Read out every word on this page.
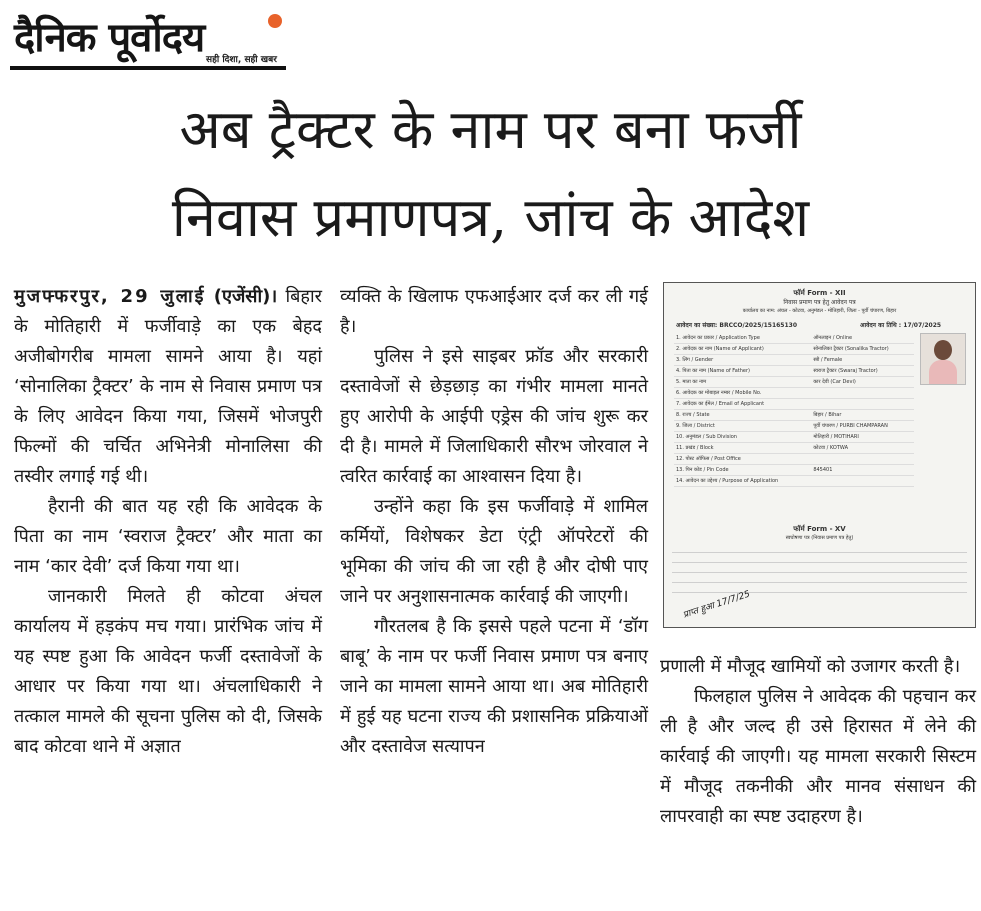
दैनिक पूर्वोदय सही दिशा, सही खबर
अब ट्रैक्टर के नाम पर बना फर्जी
निवास प्रमाणपत्र, जांच के आदेश

मुजफ्फरपुर, 29 जुलाई (एजेंसी)। बिहार के मोतिहारी में फर्जीवाड़े का एक बेहद अजीबोगरीब मामला सामने आया है। यहां ‘सोनालिका ट्रैक्टर’ के नाम से निवास प्रमाण पत्र के लिए आवेदन किया गया, जिसमें भोजपुरी फिल्मों की चर्चित अभिनेत्री मोनालिसा की तस्वीर लगाई गई थी।

हैरानी की बात यह रही कि आवेदक के पिता का नाम ‘स्वराज ट्रैक्टर’ और माता का नाम ‘कार देवी’ दर्ज किया गया था।

जानकारी मिलते ही कोटवा अंचल कार्यालय में हड़कंप मच गया। प्रारंभिक जांच में यह स्पष्ट हुआ कि आवेदन फर्जी दस्तावेजों के आधार पर किया गया था। अंचलाधिकारी ने तत्काल मामले की सूचना पुलिस को दी, जिसके बाद कोटवा थाने में अज्ञात

व्यक्ति के खिलाफ एफआईआर दर्ज कर ली गई है।

पुलिस ने इसे साइबर फ्रॉड और सरकारी दस्तावेजों से छेड़छाड़ का गंभीर मामला मानते हुए आरोपी के आईपी एड्रेस की जांच शुरू कर दी है। मामले में जिलाधिकारी सौरभ जोरवाल ने त्वरित कार्रवाई का आश्वासन दिया है।

उन्होंने कहा कि इस फर्जीवाड़े में शामिल कर्मियों, विशेषकर डेटा एंट्री ऑपरेटरों की भूमिका की जांच की जा रही है और दोषी पाए जाने पर अनुशासनात्मक कार्रवाई की जाएगी।

गौरतलब है कि इससे पहले पटना में ‘डॉग बाबू’ के नाम पर फर्जी निवास प्रमाण पत्र बनाए जाने का मामला सामने आया था। अब मोतिहारी में हुई यह घटना राज्य की प्रशासनिक प्रक्रियाओं और दस्तावेज सत्यापन

फॉर्म Form - XII
निवास प्रमाण पत्र हेतु आवेदन पत्र
कार्यालय का नाम: अंचल - कोटवा, अनुमंडल - मोतिहारी, जिला - पूर्वी चंपारण, बिहार
आवेदन का संख्या: BRCCO/2025/15165130	आवेदन का तिथि : 17/07/2025
1. आवेदन का प्रकार / Application Type	ऑनलाइन / Online
2. आवेदक का नाम (Name of Applicant)	सोनालिका ट्रैक्टर (Sonalika Tractor)
3. लिंग / Gender	स्त्री / Female
4. पिता का नाम (Name of Father)	स्वराज ट्रैक्टर (Swaraj Tractor)
5. माता का नाम	कार देवी (Car Devi)
6. आवेदक का मोबाइल नम्बर / Mobile No.	
7. आवेदक का ईमेल / Email of Applicant	
8. राज्य / State	बिहार / Bihar
9. जिला / District	पूर्वी चंपारण / PURBI CHAMPARAN
10. अनुमंडल / Sub Division	मोतिहारी / MOTIHARI
11. प्रखंड / Block	कोटवा / KOTWA
12. पोस्ट ऑफिस / Post Office	
13. पिन कोड / Pin Code	845401
14. आवेदन का उद्देश्य / Purpose of Application	
फॉर्म Form - XV
स्वघोषणा पत्र (निवास प्रमाण पत्र हेतु)
प्राप्त हुआ 17/7/25

प्रणाली में मौजूद खामियों को उजागर करती है।

फिलहाल पुलिस ने आवेदक की पहचान कर ली है और जल्द ही उसे हिरासत में लेने की कार्रवाई की जाएगी। यह मामला सरकारी सिस्टम में मौजूद तकनीकी और मानव संसाधन की लापरवाही का स्पष्ट उदाहरण है।
